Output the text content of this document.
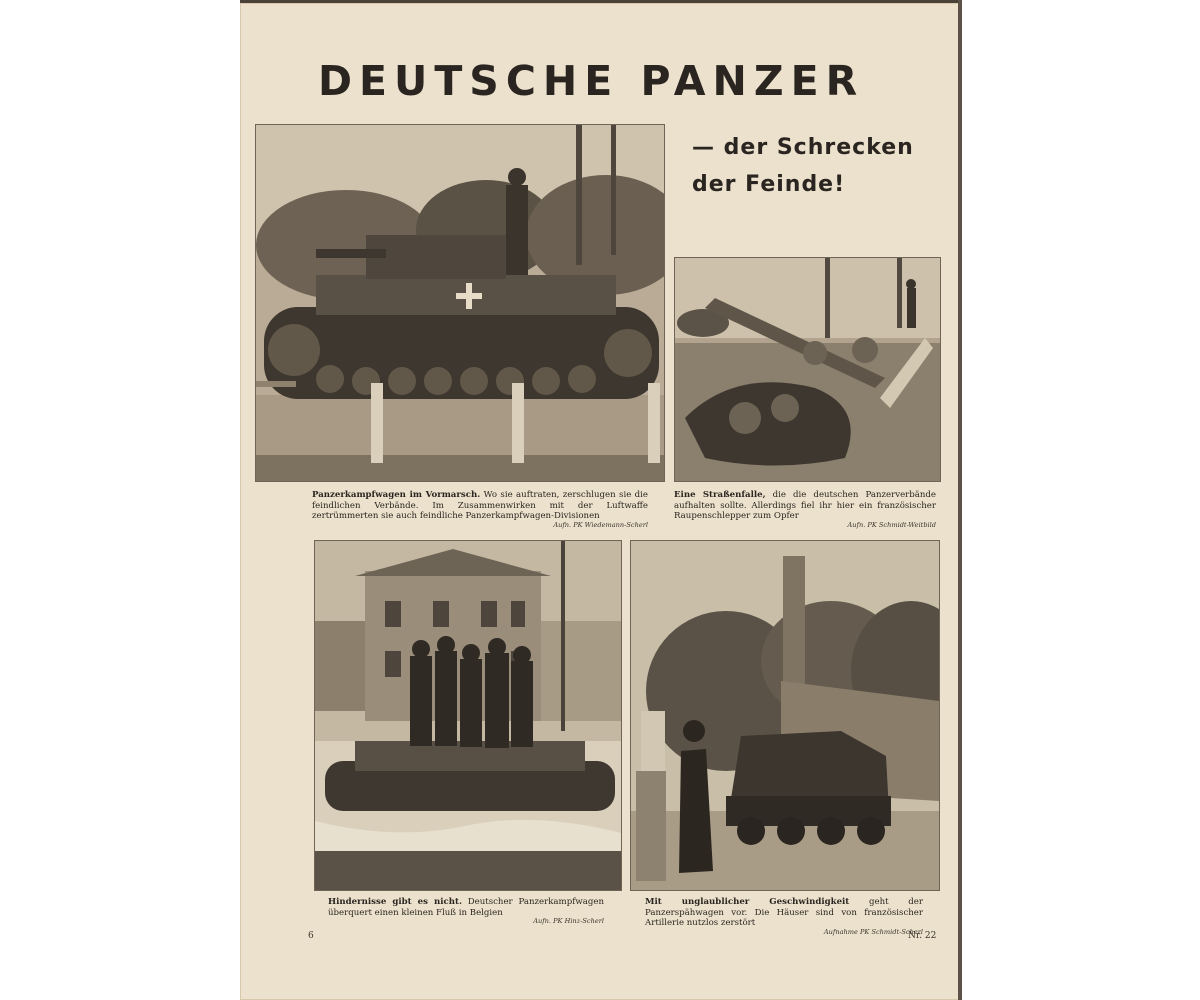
DEUTSCHE PANZER
— der Schrecken
der Feinde!
Panzerkampfwagen im Vormarsch. Wo sie auftraten, zerschlugen sie die feindlichen Verbände. Im Zusammenwirken mit der Luftwaffe zertrümmerten sie auch feindliche Panzerkampfwagen-Divisionen
Aufn. PK Wiedemann-Scherl
Eine Straßenfalle, die die deutschen Panzerverbände aufhalten sollte. Allerdings fiel ihr hier ein französischer Raupenschlepper zum Opfer
Aufn. PK Schmidt-Weitbild
Hindernisse gibt es nicht. Deutscher Panzerkampfwagen überquert einen kleinen Fluß in Belgien
Aufn. PK Hinz-Scherl
Mit unglaublicher Geschwindigkeit geht der Panzerspähwagen vor. Die Häuser sind von französischer Artillerie nutzlos zerstört
Aufnahme PK Schmidt-Scherl
6	Nr. 22
